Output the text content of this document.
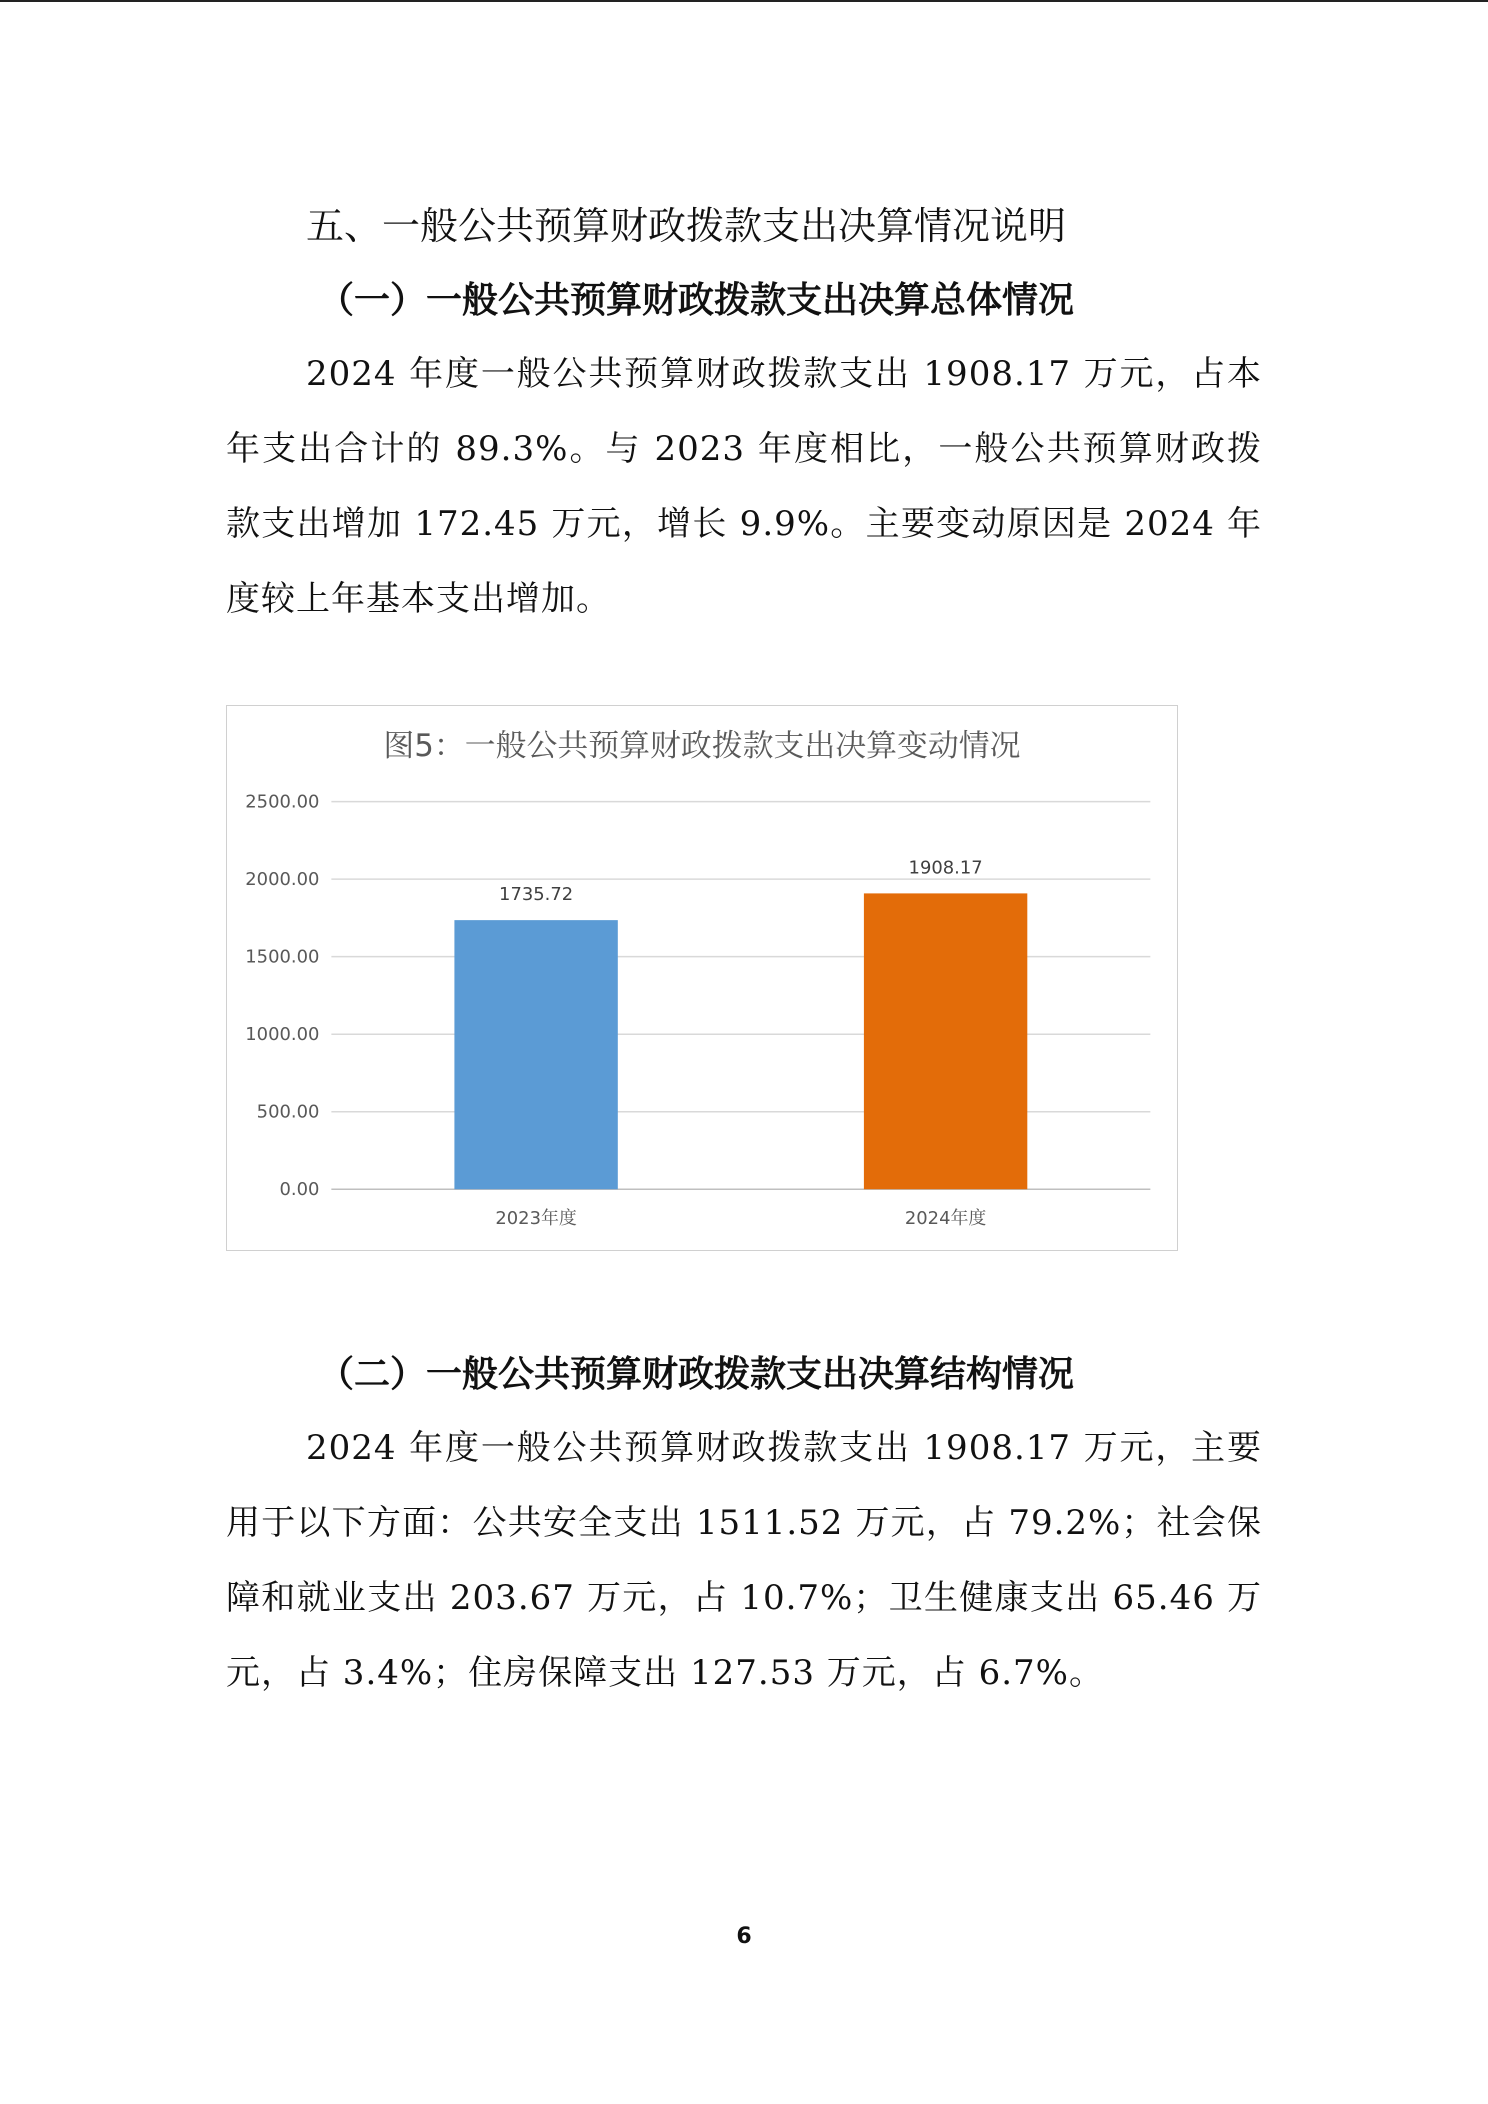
五、一般公共预算财政拨款支出决算情况说明
（一）一般公共预算财政拨款支出决算总体情况

2024 年度一般公共预算财政拨款支出 1908.17 万元，占本年支出合计的 89.3%。与 2023 年度相比，一般公共预算财政拨款支出增加 172.45 万元，增长 9.9%。主要变动原因是 2024 年度较上年基本支出增加。

图5：一般公共预算财政拨款支出决算变动情况
0.00
500.00
1000.00
1500.00
2000.00
2500.00
1735.72
2023年度
1908.17
2024年度
（二）一般公共预算财政拨款支出决算结构情况

2024 年度一般公共预算财政拨款支出 1908.17 万元，主要用于以下方面：公共安全支出 1511.52 万元，占 79.2%；社会保障和就业支出 203.67 万元，占 10.7%；卫生健康支出 65.46 万元，占 3.4%；住房保障支出 127.53 万元，占 6.7%。

6
